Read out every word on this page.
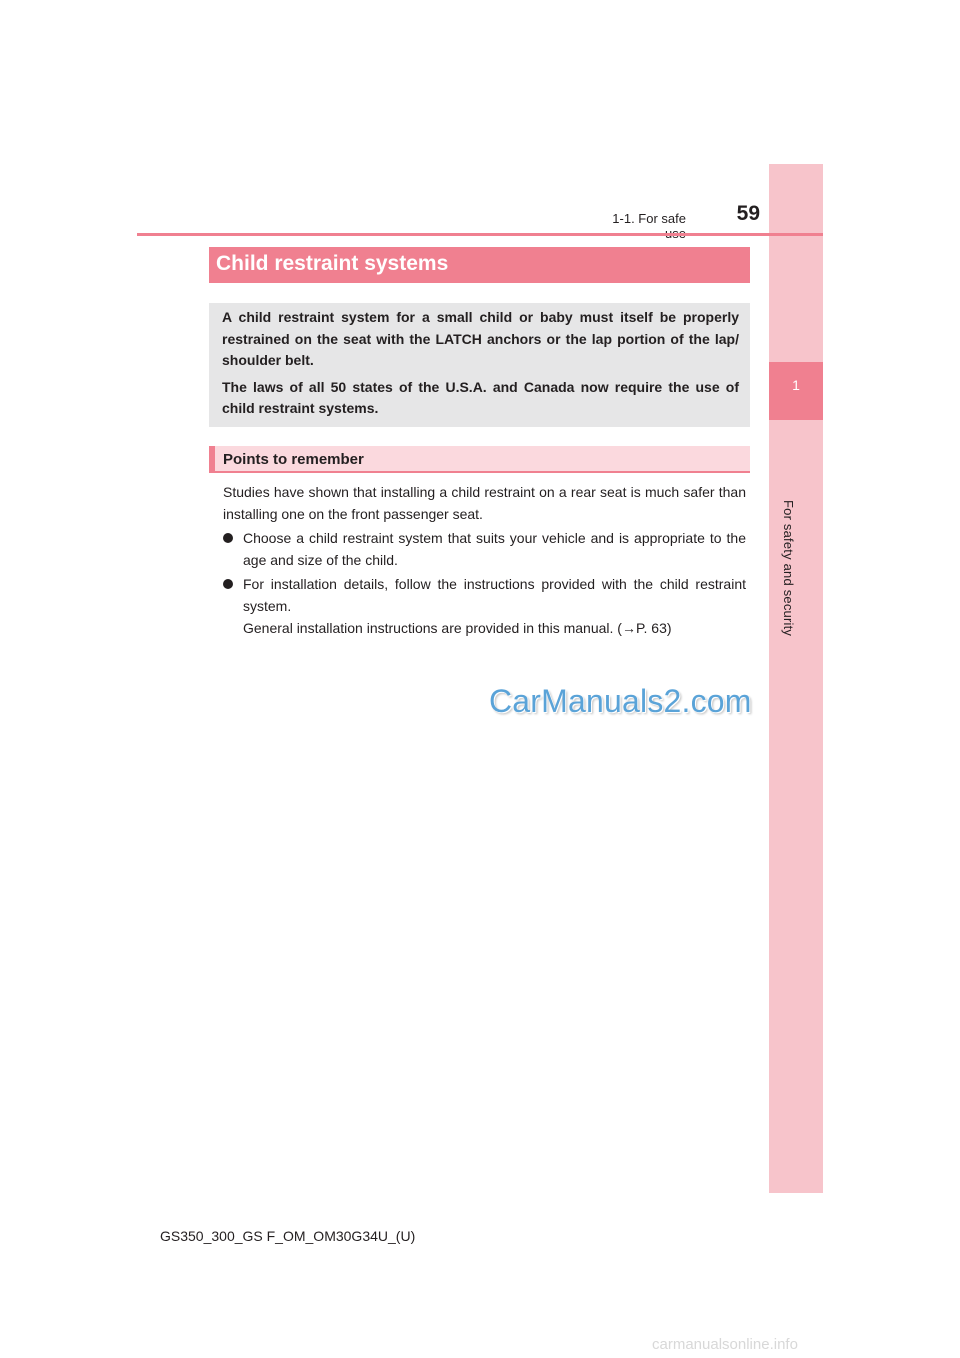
1
For safety and security
1-1. For safe	59
Child restraint systems

A child restraint system for a small child or baby must itself be properly restrained on the seat with the LATCH anchors or the lap portion of the lap/ shoulder belt.

The laws of all 50 states of the U.S.A. and Canada now require the use of child restraint systems.

Points to remember

Studies have shown that installing a child restraint on a rear seat is much safer than installing one on the front passenger seat.

Choose a child restraint system that suits your vehicle and is appropriate to the age and size of the child.
For installation details, follow the instructions provided with the child restraint system.
General installation instructions are provided in this manual. (→P. 63)
CarManuals2.com
GS350_300_GS F_OM_OM30G34U_(U)
carmanualsonline.info
